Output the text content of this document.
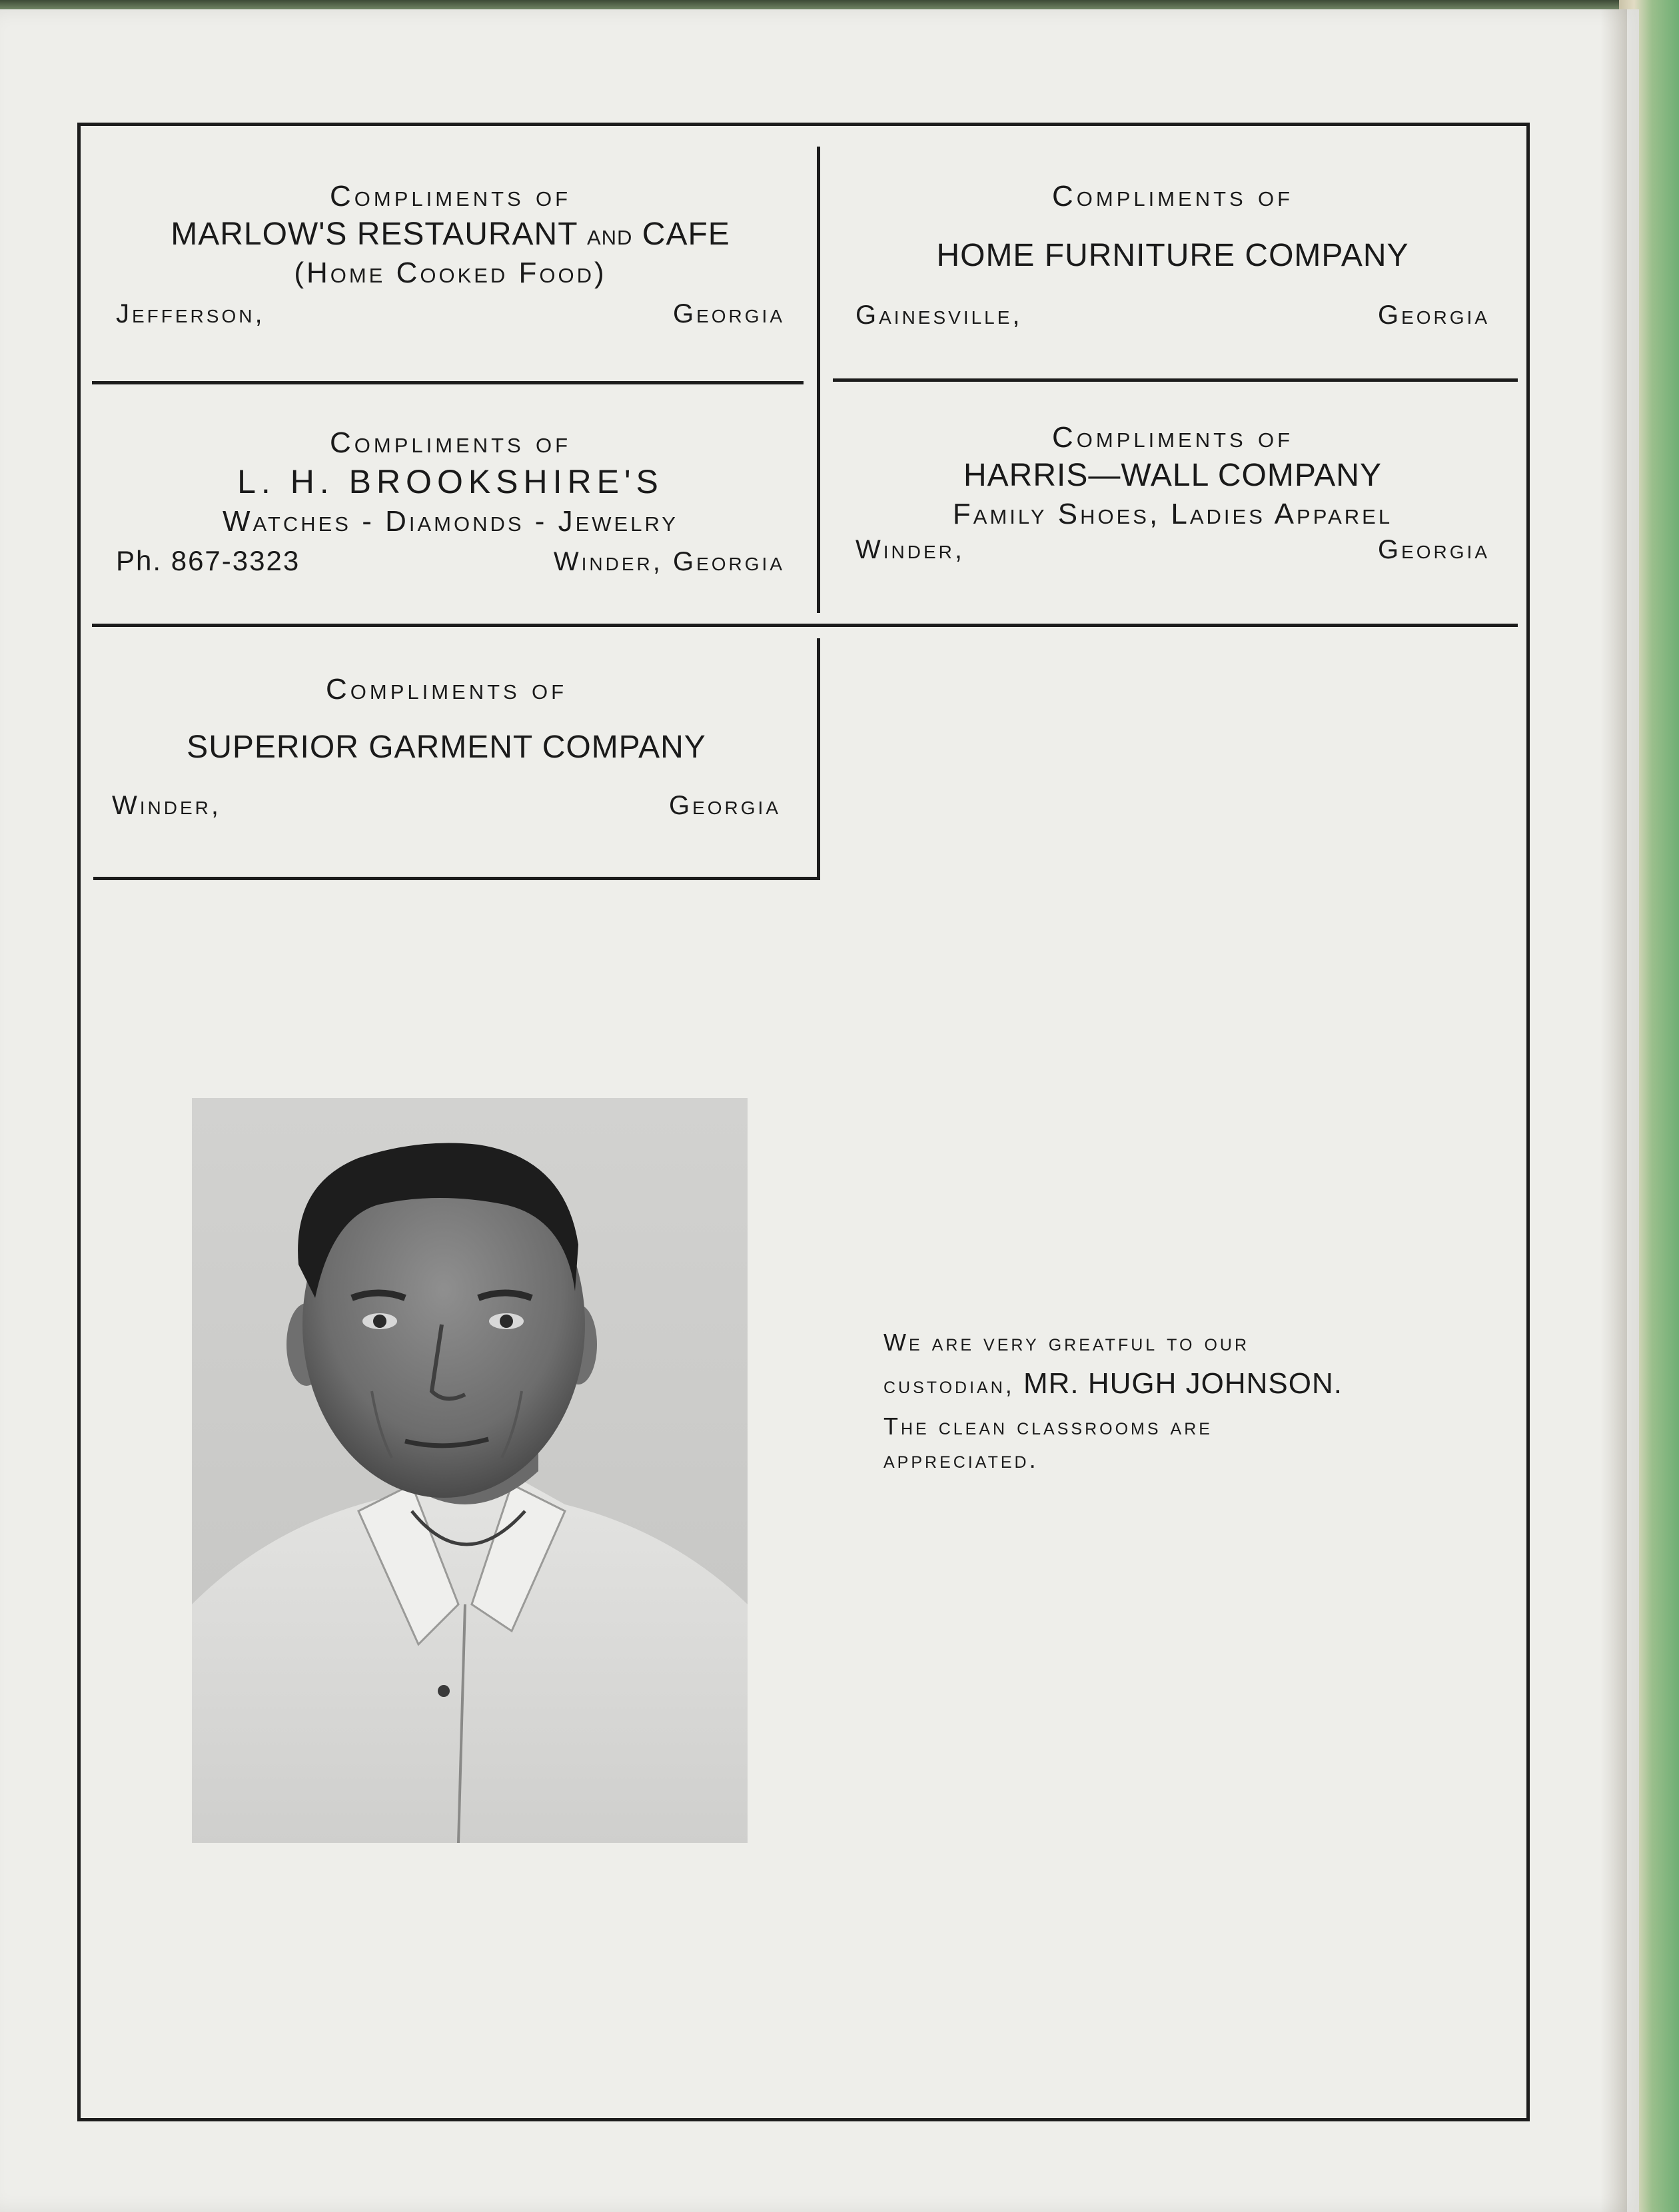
Compliments of
MARLOW'S RESTAURANT and CAFE
(Home Cooked Food)
Jefferson,	Georgia
Compliments of
HOME FURNITURE COMPANY
Gainesville,	Georgia
Compliments of
L. H. BROOKSHIRE'S
Watches - Diamonds - Jewelry
Ph. 867-3323	Winder, Georgia
Compliments of
HARRIS—WALL COMPANY
Family Shoes, Ladies Apparel
Winder,	Georgia
Compliments of
SUPERIOR GARMENT COMPANY
Winder,	Georgia
We are very greatful to our
custodian, MR. HUGH JOHNSON.
The clean classrooms are
appreciated.
